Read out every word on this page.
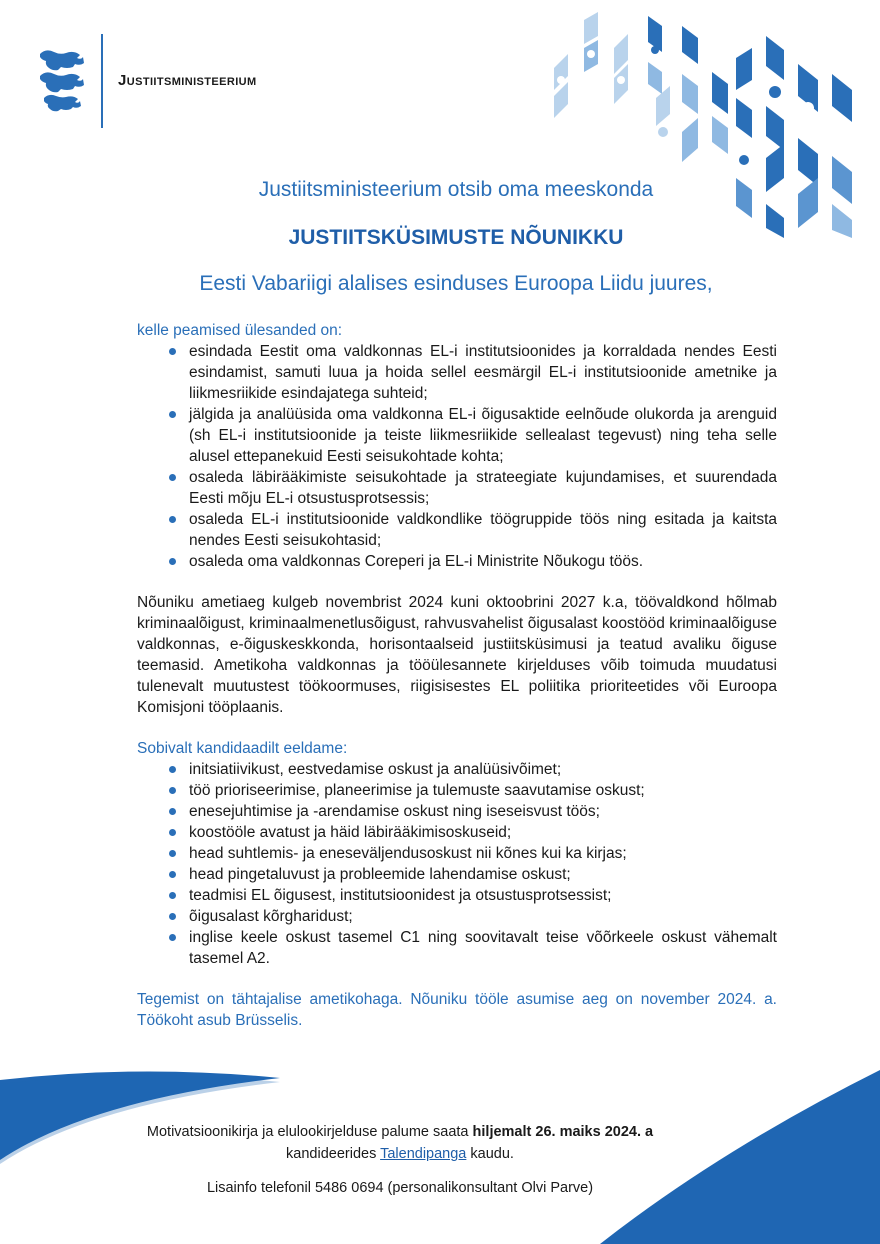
Justiitsministeerium
Justiitsministeerium otsib oma meeskonda
JUSTIITSKÜSIMUSTE NÕUNIKKU
Eesti Vabariigi alalises esinduses Euroopa Liidu juures,

kelle peamised ülesanded on:

esindada Eestit oma valdkonnas EL-i institutsioonides ja korraldada nendes Eesti esindamist, samuti luua ja hoida sellel eesmärgil EL-i institutsioonide ametnike ja liikmesriikide esindajatega suhteid;
jälgida ja analüüsida oma valdkonna EL-i õigusaktide eelnõude olukorda ja arenguid (sh EL-i institutsioonide ja teiste liikmesriikide sellealast tegevust) ning teha selle alusel ettepanekuid Eesti seisukohtade kohta;
osaleda läbirääkimiste seisukohtade ja strateegiate kujundamises, et suurendada Eesti mõju EL-i otsustusprotsessis;
osaleda EL-i institutsioonide valdkondlike töögruppide töös ning esitada ja kaitsta nendes Eesti seisukohtasid;
osaleda oma valdkonnas Coreperi ja EL-i Ministrite Nõukogu töös.

Nõuniku ametiaeg kulgeb novembrist 2024 kuni oktoobrini 2027 k.a, töövaldkond hõlmab kriminaalõigust, kriminaalmenetlusõigust, rahvusvahelist õigusalast koostööd kriminaalõiguse valdkonnas, e-õiguskeskkonda, horisontaalseid justiitsküsimusi ja teatud avaliku õiguse teemasid. Ametikoha valdkonnas ja tööülesannete kirjelduses võib toimuda muudatusi tulenevalt muutustest töökoormuses, riigisisestes EL poliitika prioriteetides või Euroopa Komisjoni tööplaanis.

Sobivalt kandidaadilt eeldame:

initsiatiivikust, eestvedamise oskust ja analüüsivõimet;
töö prioriseerimise, planeerimise ja tulemuste saavutamise oskust;
enesejuhtimise ja -arendamise oskust ning iseseisvust töös;
koostööle avatust ja häid läbirääkimisoskuseid;
head suhtlemis- ja eneseväljendusoskust nii kõnes kui ka kirjas;
head pingetaluvust ja probleemide lahendamise oskust;
teadmisi EL õigusest, institutsioonidest ja otsustusprotsessist;
õigusalast kõrgharidust;
inglise keele oskust tasemel C1 ning soovitavalt teise võõrkeele oskust vähemalt tasemel A2.

Tegemist on tähtajalise ametikohaga. Nõuniku tööle asumise aeg on november 2024. a. Töökoht asub Brüsselis.

Motivatsioonikirja ja elulookirjelduse palume saata hiljemalt 26. maiks 2024. a kandideerides Talendipanga kaudu.
Lisainfo telefonil 5486 0694 (personalikonsultant Olvi Parve)
